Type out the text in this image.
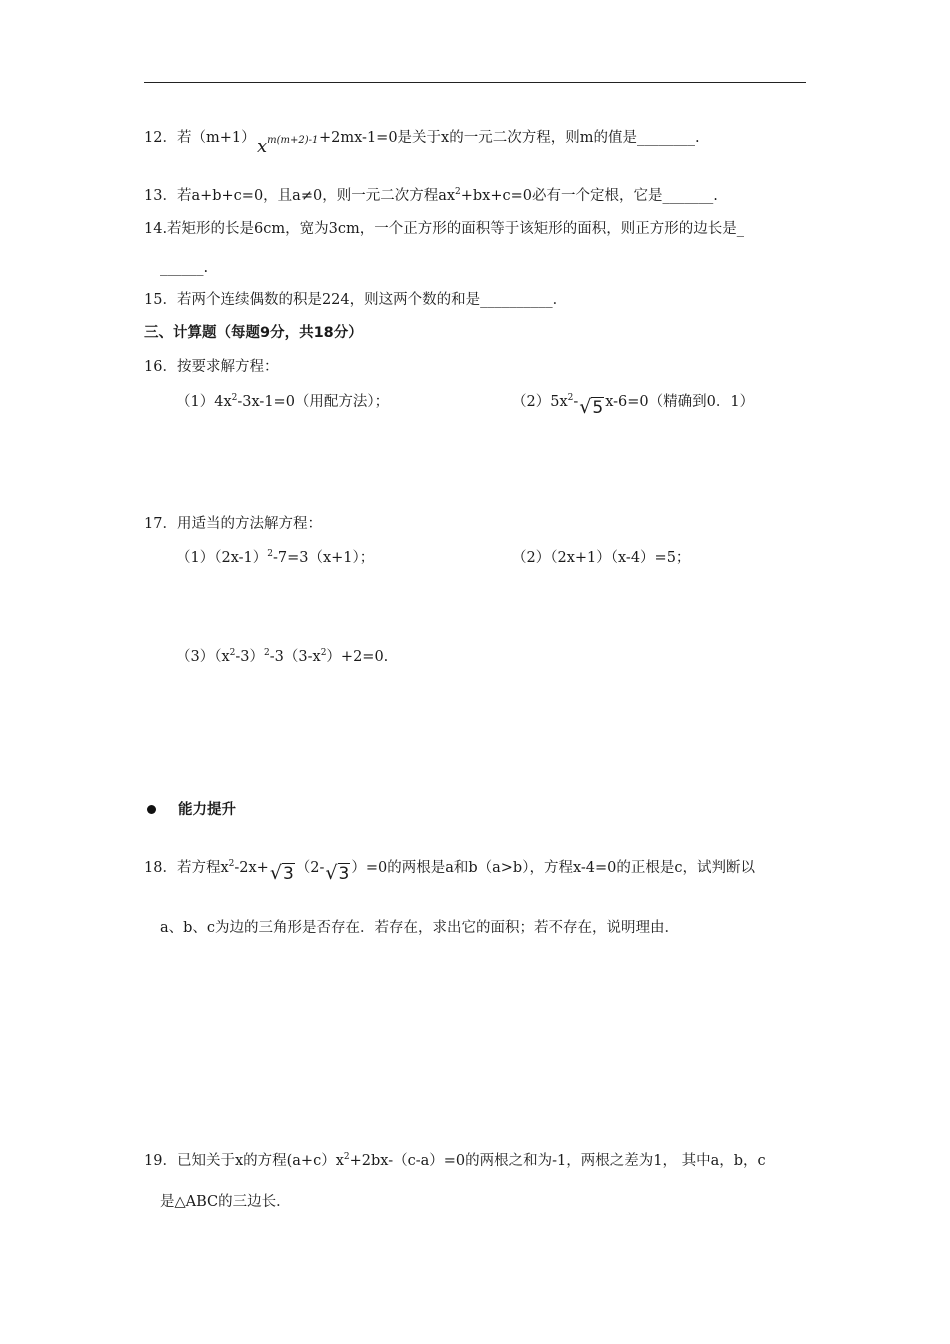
12．若（m+1） $x^{m(m+2)-1} +2mx-1=0$是关于x的一元二次方程，则m的值是________.
13．若a+b+c=0，且a≠0，则一元二次方程$ax^2+bx+c=0$必有一个定根，它是_______.
14.若矩形的长是6cm，宽为3cm，一个正方形的面积等于该矩形的面积，则正方形的边长是_
______.
15．若两个连续偶数的积是224，则这两个数的和是__________．
三、计算题（每题9分，共18分）
16．按要求解方程：
$(1)4x^2-3x-1=0$（用配方法）；	$(2)5x^2-√5$ x-6=0（精确到0．1）
17．用适当的方法解方程：
$(1)(2x-1)^2-7=3(x+1)$；	（2）（2x+1）（x-4）=5；
$(3)(x^2-3)^2-3(3-x^2)+2=0$.
能力提升
18．若方程$x^2-2x+√3$ （2-√3 ）=0的两根是a和b（a>b），方程x-4=0的正根是c，试判断以
a、b、c为边的三角形是否存在．若存在，求出它的面积；若不存在，说明理由．
19．已知关于x的方程$(a+c)x^2+2bx-(c-a)=0$的两根之和为-1，两根之差为1， 其中a，b，c
是△ABC的三边长．
